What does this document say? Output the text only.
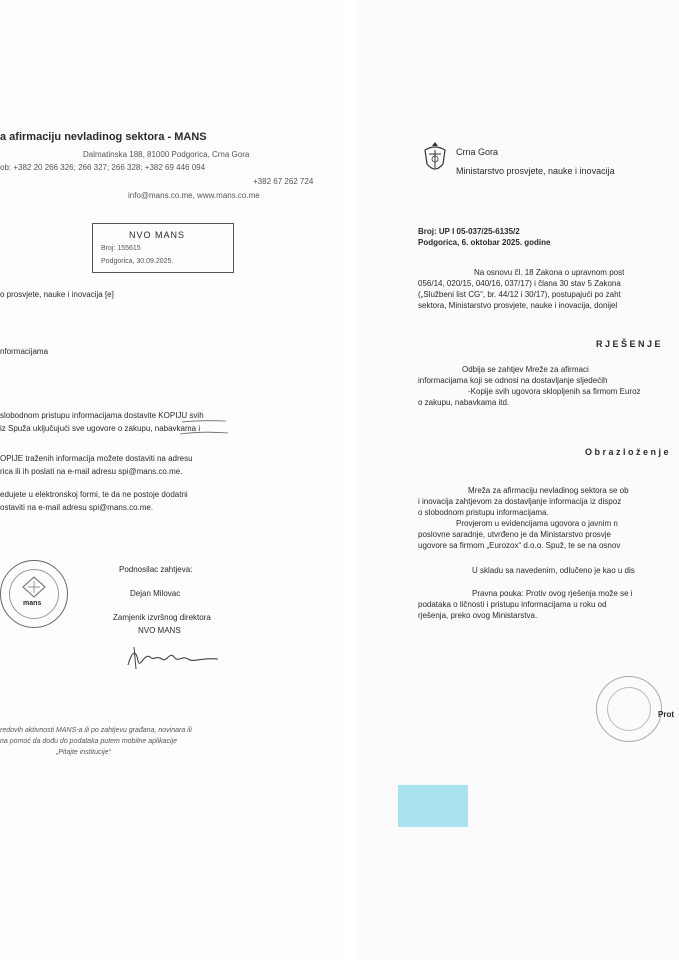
a afirmaciju nevladinog sektora - MANS
Dalmatinska 188, 81000 Podgorica, Crna Gora
ob: +382 20 266 326; 266 327; 266 328; +382 69 446 094
+382 67 262 724
info@mans.co.me, www.mans.co.me
NVO MANS
Broj: 155615
Podgorica, 30.09.2025.
o prosvjete, nauke i inovacija [e]
nformacijama
slobodnom pristupu informacijama dostavite KOPIJU svih
iz Spuža uključujući sve ugovore o zakupu, nabavkama i
OPIJE traženih informacija možete dostaviti na adresu
rica ili ih poslati na e-mail adresu spi@mans.co.me.
edujete u elektronskoj formi, te da ne postoje dodatni
ostaviti na e-mail adresu spi@mans.co.me.
Podnosilac zahtjeva:
Dejan Milovac
Zamjenik izvršnog direktora
NVO MANS
mans
redovih aktivnosti MANS-a ili po zahtjevu građana, novinara ili
na pomoć da dođu do podataka putem mobilne aplikacije
„Pitajte institucije“
Crna Gora
Ministarstvo prosvjete, nauke i inovacija
Broj: UP I 05-037/25-6135/2
Podgorica, 6. oktobar 2025. godine
Na osnovu čl. 18 Zakona o upravnom post
056/14, 020/15, 040/16, 037/17) i člana 30 stav 5 Zakona
(„Službeni list CG“, br. 44/12 i 30/17), postupajući po zaht
sektora, Ministarstvo prosvjete, nauke i inovacija, donijel
R J E Š E N J E
Odbija se zahtjev Mreže za afirmaci
informacijama koji se odnosi na dostavljanje sljedećih
-Kopije svih ugovora sklopljenih sa firmom Euroz
o zakupu, nabavkama itd.
O b r a z l o ž e n j e
Mreža za afirmaciju nevladinog sektora se ob
i inovacija zahtjevom za dostavljanje informacija iz dispoz
o slobodnom pristupu informacijama.
Provjerom u evidencijama ugovora o javnim n
poslovne saradnje, utvrđeno je da Ministarstvo prosvje
ugovore sa firmom „Eurozox“ d.o.o. Spuž, te se na osnov
U skladu sa navedenim, odlučeno je kao u dis
Pravna pouka: Protiv ovog rješenja može se i
podataka o ličnosti i pristupu informacijama u roku od
rješenja, preko ovog Ministarstva.
Prot
